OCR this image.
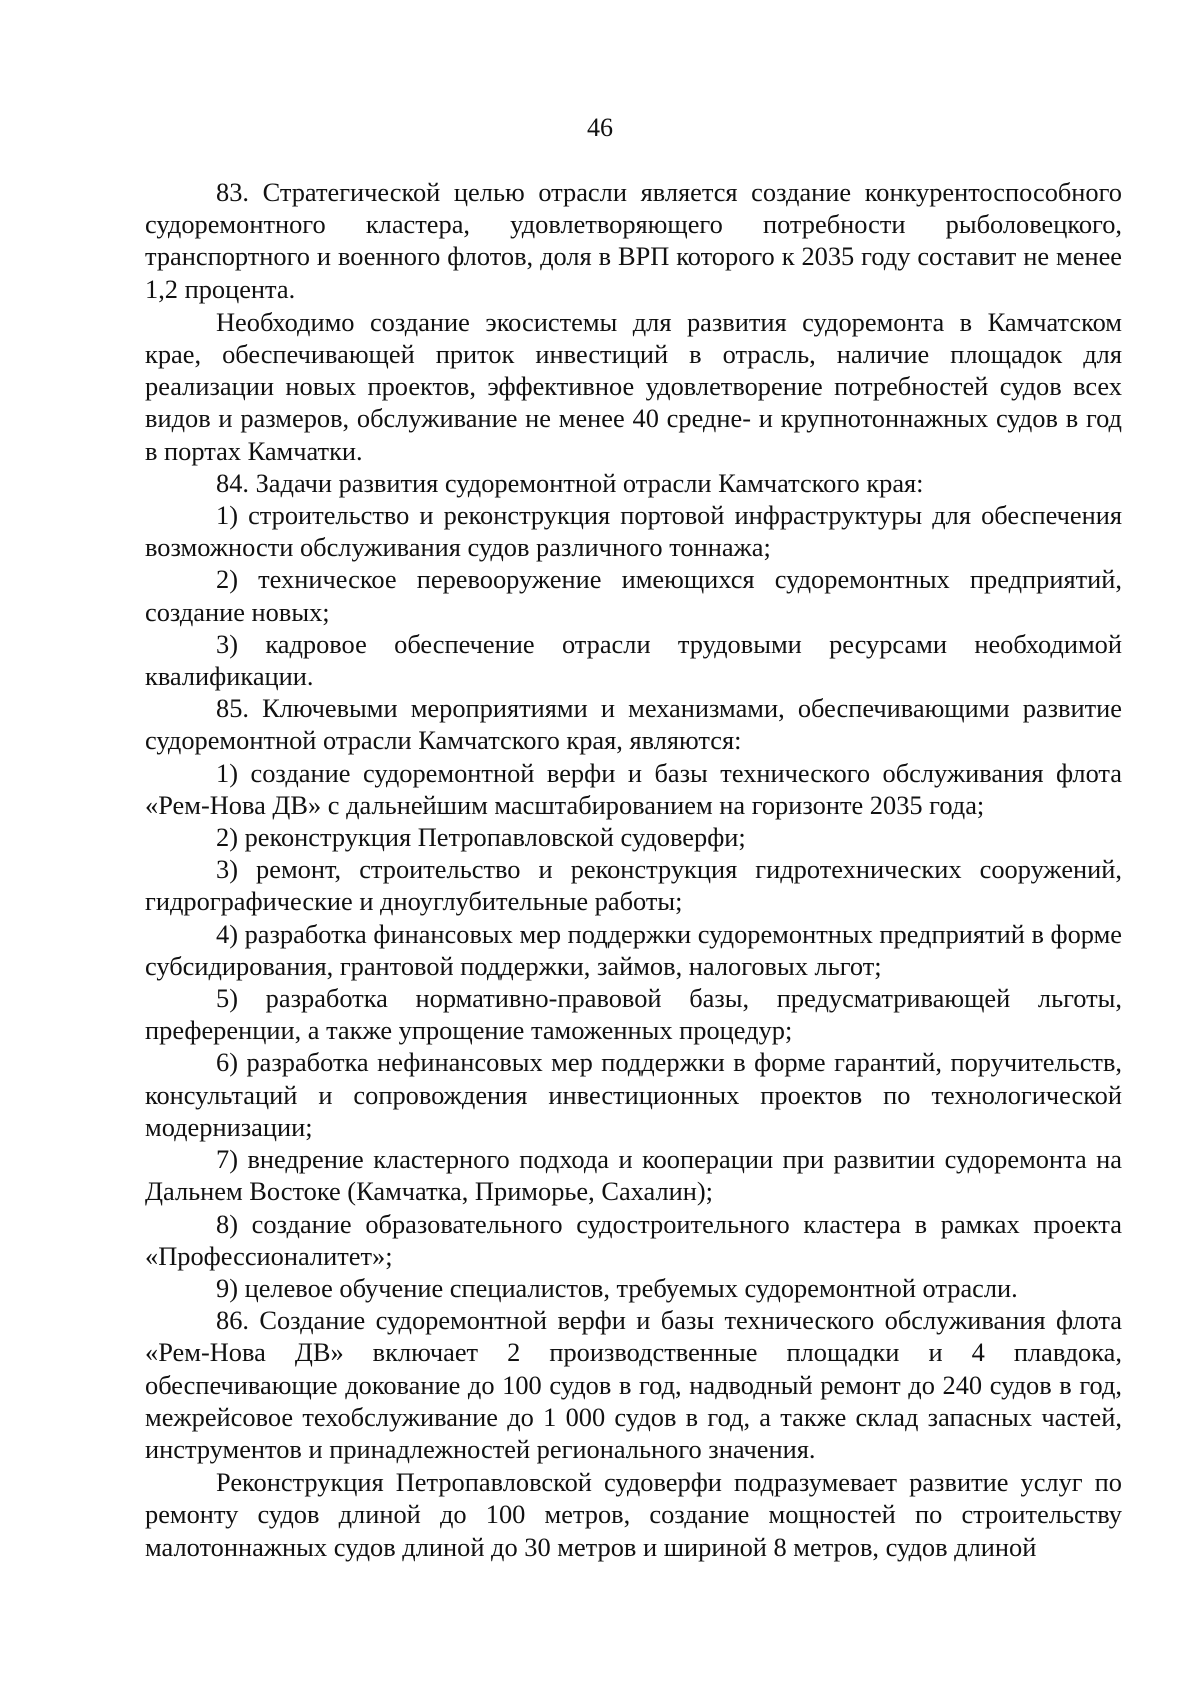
46

83. Стратегической целью отрасли является создание конкурентоспособного судоремонтного кластера, удовлетворяющего потребности рыболовецкого, транспортного и военного флотов, доля в ВРП которого к 2035 году составит не менее 1,2 процента.

Необходимо создание экосистемы для развития судоремонта в Камчатском крае, обеспечивающей приток инвестиций в отрасль, наличие площадок для реализации новых проектов, эффективное удовлетворение потребностей судов всех видов и размеров, обслуживание не менее 40 средне- и крупнотоннажных судов в год в портах Камчатки.

84. Задачи развития судоремонтной отрасли Камчатского края:

1) строительство и реконструкция портовой инфраструктуры для обеспечения возможности обслуживания судов различного тоннажа;

2) техническое перевооружение имеющихся судоремонтных предприятий, создание новых;

3) кадровое обеспечение отрасли трудовыми ресурсами необходимой квалификации.

85. Ключевыми мероприятиями и механизмами, обеспечивающими развитие судоремонтной отрасли Камчатского края, являются:

1) создание судоремонтной верфи и базы технического обслуживания флота «Рем-Нова ДВ» с дальнейшим масштабированием на горизонте 2035 года;

2) реконструкция Петропавловской судоверфи;

3) ремонт, строительство и реконструкция гидротехнических сооружений, гидрографические и дноуглубительные работы;

4) разработка финансовых мер поддержки судоремонтных предприятий в форме субсидирования, грантовой поддержки, займов, налоговых льгот;

5) разработка нормативно-правовой базы, предусматривающей льготы, преференции, а также упрощение таможенных процедур;

6) разработка нефинансовых мер поддержки в форме гарантий, поручительств, консультаций и сопровождения инвестиционных проектов по технологической модернизации;

7) внедрение кластерного подхода и кооперации при развитии судоремонта на Дальнем Востоке (Камчатка, Приморье, Сахалин);

8) создание образовательного судостроительного кластера в рамках проекта «Профессионалитет»;

9) целевое обучение специалистов, требуемых судоремонтной отрасли.

86. Создание судоремонтной верфи и базы технического обслуживания флота «Рем-Нова ДВ» включает 2 производственные площадки и 4 плавдока, обеспечивающие докование до 100 судов в год, надводный ремонт до 240 судов в год, межрейсовое техобслуживание до 1 000 судов в год, а также склад запасных частей, инструментов и принадлежностей регионального значения.

Реконструкция Петропавловской судоверфи подразумевает развитие услуг по ремонту судов длиной до 100 метров, создание мощностей по строительству малотоннажных судов длиной до 30 метров и шириной 8 метров, судов длиной
